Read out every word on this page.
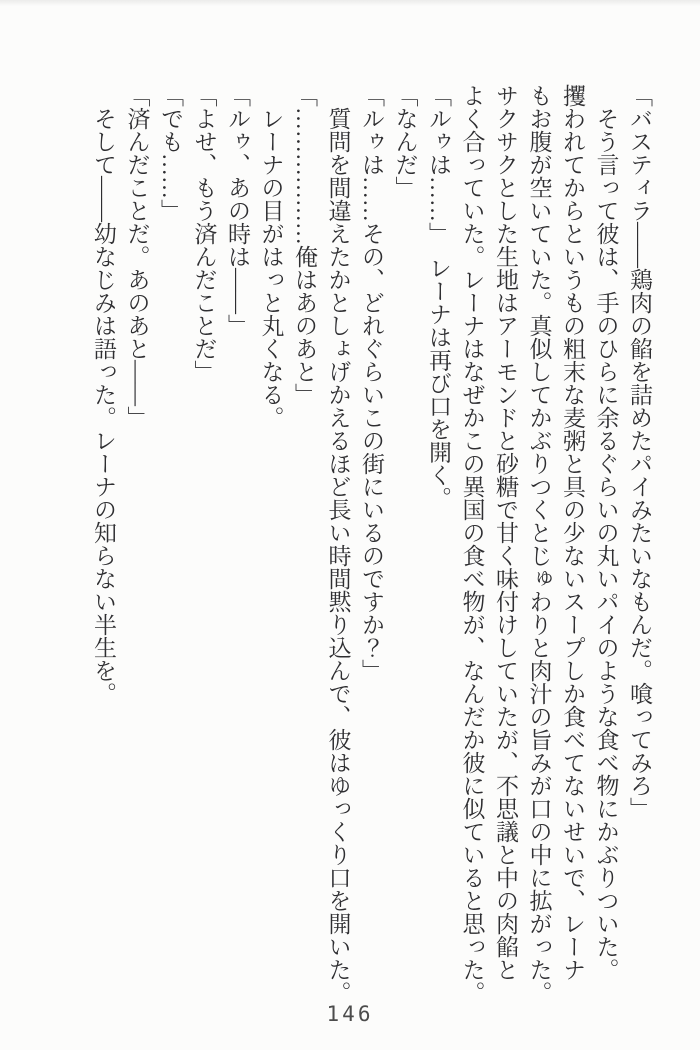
「バスティラ――鶏肉の餡を詰めたパイみたいなもんだ。喰ってみろ」

　そう言って彼は、手のひらに余るぐらいの丸いパイのような食べ物にかぶりついた。

攫われてからというもの粗末な麦粥と具の少ないスープしか食べてないせいで、レーナ

もお腹が空いていた。真似してかぶりつくとじゅわりと肉汁の旨みが口の中に拡がった。

サクサクとした生地はアーモンドと砂糖で甘く味付けしていたが、不思議と中の肉餡と

よく合っていた。レーナはなぜかこの異国の食べ物が、なんだか彼に似ていると思った。

「ルゥは……」　レーナは再び口を開く。

「なんだ」

「ルゥは……その、どれぐらいこの街にいるのですか？」

　質問を間違えたかとしょげかえるほど長い時間黙り込んで、彼はゆっくり口を開いた。

「………………俺はあのあと」

　レーナの目がはっと丸くなる。

「ルゥ、あの時は――」

「よせ、もう済んだことだ」

「でも……」

「済んだことだ。あのあと――」

　そして――幼なじみは語った。レーナの知らない半生を。

146
